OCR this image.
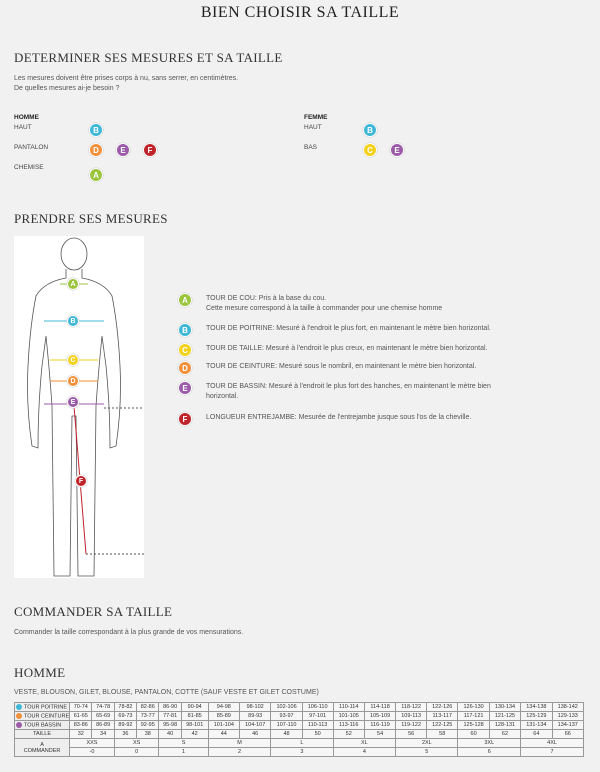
BIEN CHOISIR SA TAILLE
DETERMINER SES MESURES ET SA TAILLE
Les mesures doivent être prises corps à nu, sans serrer, en centimètres.
De quelles mesures ai-je besoin ?
HOMME
HAUT
PANTALON
CHEMISE
B
D	E	F
A
FEMME
HAUT
BAS
B
C	E
PRENDRE SES MESURES
A
B
C
D
E
F
A	TOUR DE COU: Pris à la base du cou.
Cette mesure correspond à la taille à commander pour une chemise homme
B	TOUR DE POITRINE: Mesuré à l'endroit le plus fort, en maintenant le mètre bien horizontal.
C	TOUR DE TAILLE: Mesuré à l'endroit le plus creux, en maintenant le mètre bien horizontal.
D	TOUR DE CEINTURE: Mesuré sous le nombril, en maintenant le mètre bien horizontal.
E	TOUR DE BASSIN: Mesuré à l'endroit le plus fort des hanches, en maintenant le mètre bien
horizontal.
F	LONGUEUR ENTREJAMBE: Mesurée de l'entrejambe jusque sous l'os de la cheville.
COMMANDER SA TAILLE
Commander la taille correspondant à la plus grande de vos mensurations.
HOMME
VESTE, BLOUSON, GILET, BLOUSE, PANTALON, COTTE (SAUF VESTE ET GILET COSTUME)
TOUR POITRINE	70-74	74-78	78-82	82-86	86-90	90-94	94-98	98-102	102-106	106-110	110-114	114-118	118-122	122-126	126-130	130-134	134-138	138-142
TOUR CEINTURE	61-65	65-69	69-73	73-77	77-81	81-85	85-89	89-93	93-97	97-101	101-105	105-109	109-113	113-117	117-121	121-125	125-129	129-133
TOUR BASSIN	83-86	86-89	89-92	92-95	95-98	98-101	101-104	104-107	107-110	110-113	113-116	116-119	119-122	122-125	125-128	128-131	131-134	134-137
TAILLE	32	34	36	38	40	42	44	46	48	50	52	54	56	58	60	62	64	66

A
COMMANDER	XXS		XS		S		M		L		XL		2XL		3XL		4XL	
	-0		0		1		2		3		4		5		6		7	
